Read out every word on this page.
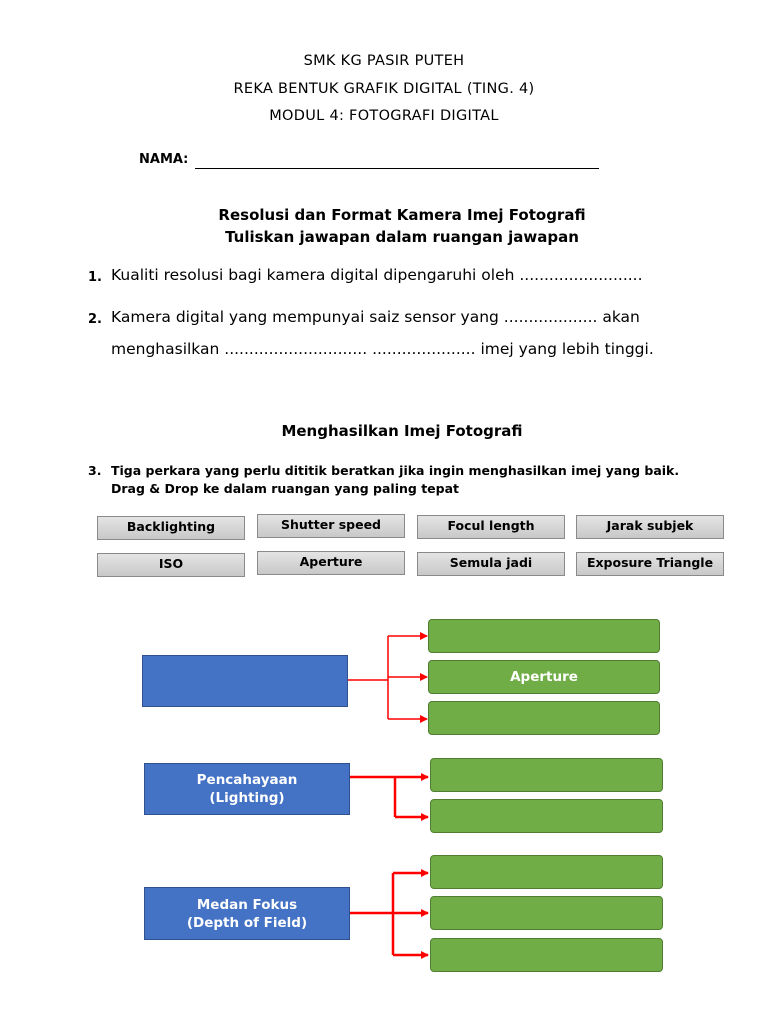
SMK KG PASIR PUTEH
REKA BENTUK GRAFIK DIGITAL (TING. 4)
MODUL 4: FOTOGRAFI DIGITAL
NAMA:
Resolusi dan Format Kamera Imej Fotografi
Tuliskan jawapan dalam ruangan jawapan
1. Kualiti resolusi bagi kamera digital dipengaruhi oleh .........................
2. Kamera digital yang mempunyai saiz sensor yang ................... akan
menghasilkan ............................. ..................... imej yang lebih tinggi.
Menghasilkan Imej Fotografi
3. Tiga perkara yang perlu dititik beratkan jika ingin menghasilkan imej yang baik.
Drag & Drop ke dalam ruangan yang paling tepat
Backlighting	Shutter speed	Focul length	Jarak subjek
ISO	Aperture	Semula jadi	Exposure Triangle
Aperture
Pencahayaan
(Lighting)
Medan Fokus
(Depth of Field)
